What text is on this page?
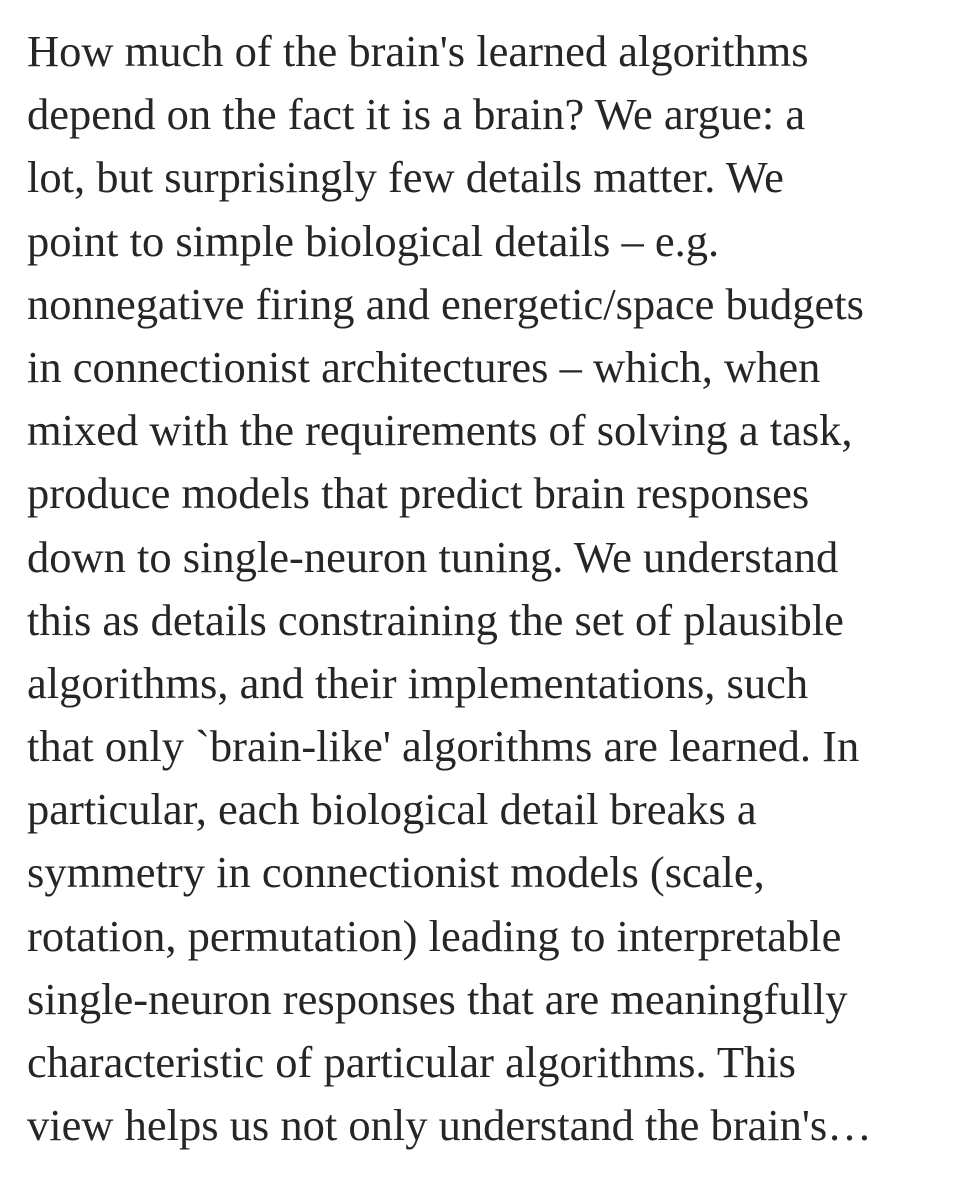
How much of the brain's learned algorithms
depend on the fact it is a brain? We argue: a
lot, but surprisingly few details matter. We
point to simple biological details – e.g.
nonnegative firing and energetic/space budgets
in connectionist architectures – which, when
mixed with the requirements of solving a task,
produce models that predict brain responses
down to single-neuron tuning. We understand
this as details constraining the set of plausible
algorithms, and their implementations, such
that only `brain-like' algorithms are learned. In
particular, each biological detail breaks a
symmetry in connectionist models (scale,
rotation, permutation) leading to interpretable
single-neuron responses that are meaningfully
characteristic of particular algorithms. This
view helps us not only understand the brain's…
